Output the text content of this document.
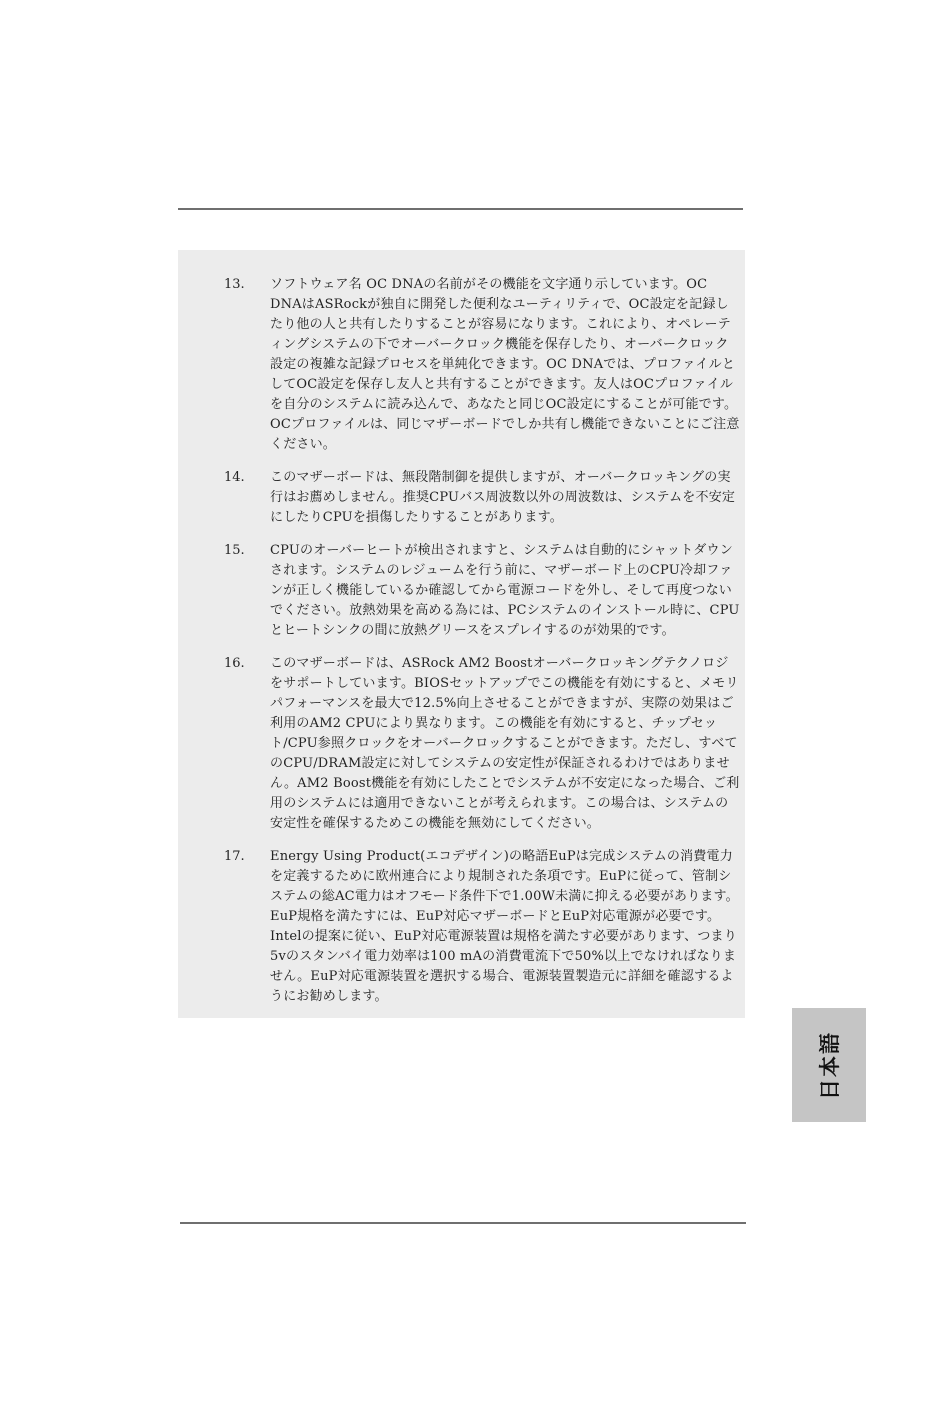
13. ソフトウェア名 OC DNAの名前がその機能を文字通り示しています。OC DNAはASRockが独自に開発した便利なユーティリティで、OC設定を記録したり他の人と共有したりすることが容易になります。これにより、オペレーティングシステムの下でオーバークロック機能を保存したり、オーバークロック設定の複雑な記録プロセスを単純化できます。OC DNAでは、プロファイルとしてOC設定を保存し友人と共有することができます。友人はOCプロファイルを自分のシステムに読み込んで、あなたと同じOC設定にすることが可能です。OCプロファイルは、同じマザーボードでしか共有し機能できないことにご注意ください。

14. このマザーボードは、無段階制御を提供しますが、オーバークロッキングの実行はお薦めしません。推奨CPUバス周波数以外の周波数は、システムを不安定にしたりCPUを損傷したりすることがあります。

15. CPUのオーバーヒートが検出されますと、システムは自動的にシャットダウンされます。システムのレジュームを行う前に、マザーボード上のCPU冷却ファンが正しく機能しているか確認してから電源コードを外し、そして再度つないでください。放熱効果を高める為には、PCシステムのインストール時に、CPUとヒートシンクの間に放熱グリースをスプレイするのが効果的です。

16. このマザーボードは、ASRock AM2 Boostオーバークロッキングテクノロジをサポートしています。BIOSセットアップでこの機能を有効にすると、メモリパフォーマンスを最大で12.5%向上させることができますが、実際の効果はご利用のAM2 CPUにより異なります。この機能を有効にすると、チップセット/CPU参照クロックをオーバークロックすることができます。ただし、すべてのCPU/DRAM設定に対してシステムの安定性が保証されるわけではありません。AM2 Boost機能を有効にしたことでシステムが不安定になった場合、ご利用のシステムには適用できないことが考えられます。この場合は、システムの安定性を確保するためこの機能を無効にしてください。

17. Energy Using Product(エコデザイン)の略語EuPは完成システムの消費電力を定義するために欧州連合により規制された条項です。EuPに従って、管制システムの総AC電力はオフモード条件下で1.00W未満に抑える必要があります。EuP規格を満たすには、EuP対応マザーボードとEuP対応電源が必要です。Intelの提案に従い、EuP対応電源装置は規格を満たす必要があります、つまり5vのスタンバイ電力効率は100 mAの消費電流下で50%以上でなければなりません。EuP対応電源装置を選択する場合、電源装置製造元に詳細を確認するようにお勧めします。

日本語
